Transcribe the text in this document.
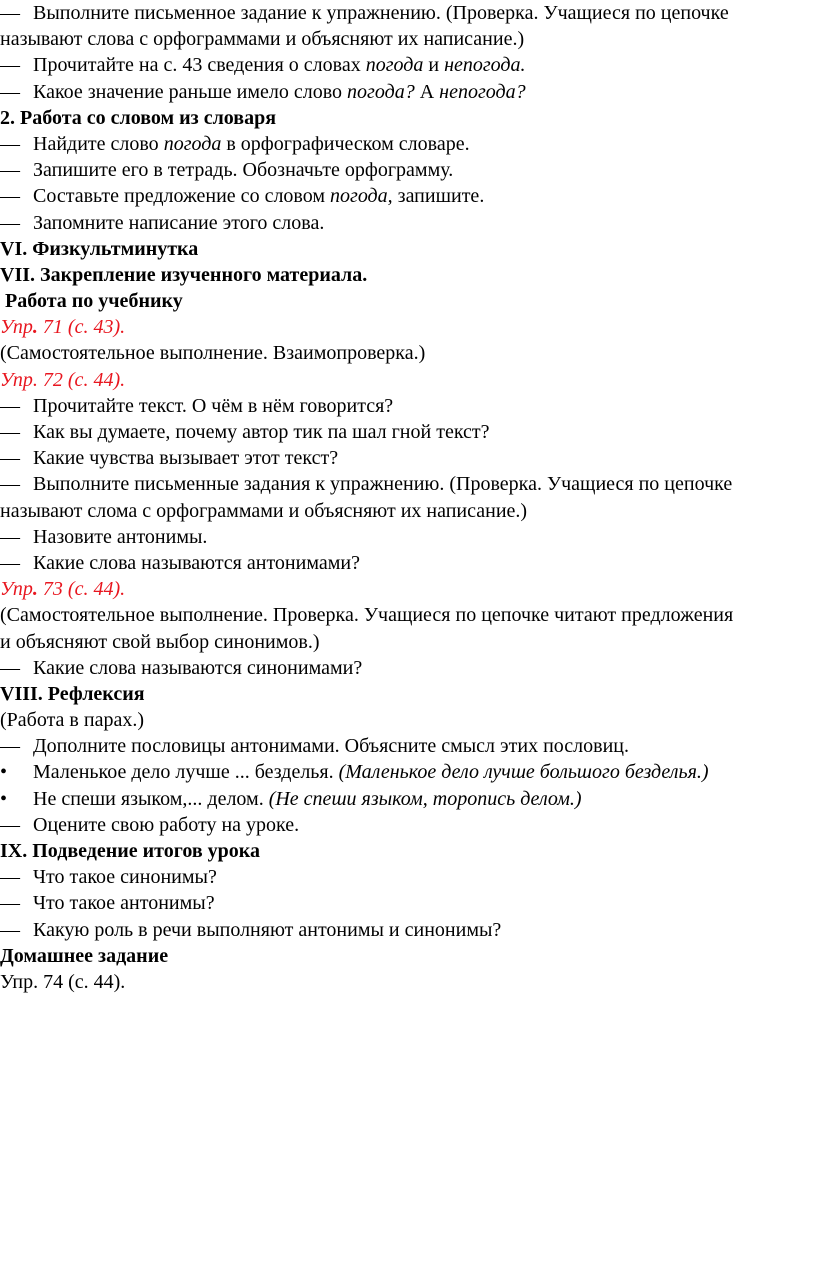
— Выполните письменное задание к упражнению. (Проверка. Учащиеся по цепочке
называют слова с орфограммами и объясняют их написание.)
— Прочитайте на с. 43 сведения о словах погода и непогода.
— Какое значение раньше имело слово погода? А непогода?
2. Работа со словом из словаря
— Найдите слово погода в орфографическом словаре.
— Запишите его в тетрадь. Обозначьте орфограмму.
— Составьте предложение со словом погода, запишите.
— Запомните написание этого слова.
VI. Физкультминутка
VII. Закрепление изученного материала.
Работа по учебнику
Упр. 71 (с. 43).
(Самостоятельное выполнение. Взаимопроверка.)
Упр. 72 (с. 44).
— Прочитайте текст. О чём в нём говорится?
— Как вы думаете, почему автор тик па шал гной текст?
— Какие чувства вызывает этот текст?
— Выполните письменные задания к упражнению. (Проверка. Учащиеся по цепочке
называют слома с орфограммами и объясняют их написание.)
— Назовите антонимы.
— Какие слова называются антонимами?
Упр. 73 (с. 44).
(Самостоятельное выполнение. Проверка. Учащиеся по цепочке читают предложения
и объясняют свой выбор синонимов.)
— Какие слова называются синонимами?
VIII. Рефлексия
(Работа в парах.)
— Дополните пословицы антонимами. Объясните смысл этих пословиц.
• Маленькое дело лучше ... безделья. (Маленькое дело лучше большого безделья.)
• Не спеши языком,... делом. (Не спеши языком, торопись делом.)
— Оцените свою работу на уроке.
IX. Подведение итогов урока
— Что такое синонимы?
— Что такое антонимы?
— Какую роль в речи выполняют антонимы и синонимы?
Домашнее задание
Упр. 74 (с. 44).
